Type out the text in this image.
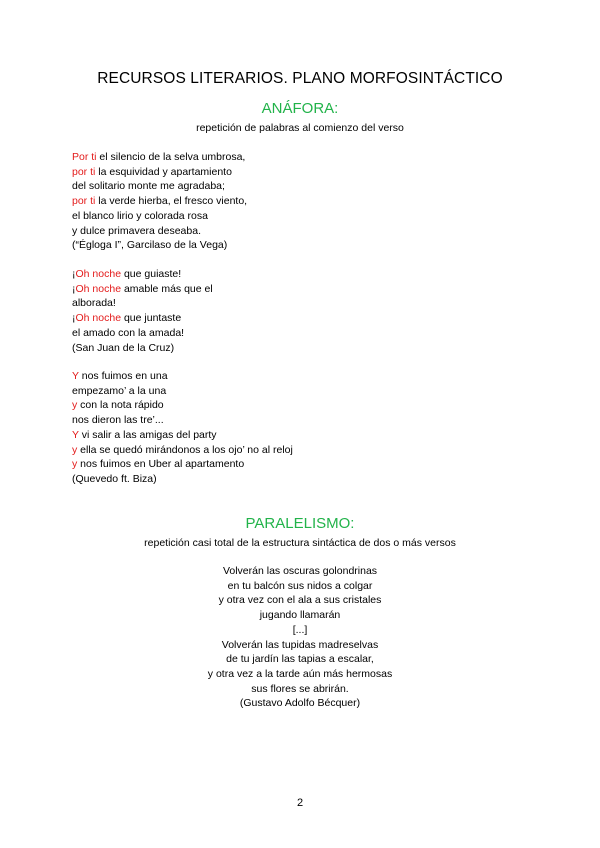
RECURSOS LITERARIOS. PLANO MORFOSINTÁCTICO
ANÁFORA:
repetición de palabras al comienzo del verso
Por ti el silencio de la selva umbrosa,
por ti la esquividad y apartamiento
del solitario monte me agradaba;
por ti la verde hierba, el fresco viento,
el blanco lirio y colorada rosa
y dulce primavera deseaba.
(“Égloga I”, Garcilaso de la Vega)
¡Oh noche que guiaste!
¡Oh noche amable más que el
alborada!
¡Oh noche que juntaste
el amado con la amada!
(San Juan de la Cruz)
Y nos fuimos en una
empezamo’ a la una
y con la nota rápido
nos dieron las tre’...
Y vi salir a las amigas del party
y ella se quedó mirándonos a los ojo’ no al reloj
y nos fuimos en Uber al apartamento
(Quevedo ft. Biza)
PARALELISMO:
repetición casi total de la estructura sintáctica de dos o más versos
Volverán las oscuras golondrinas
en tu balcón sus nidos a colgar
y otra vez con el ala a sus cristales
jugando llamarán
[...]
Volverán las tupidas madreselvas
de tu jardín las tapias a escalar,
y otra vez a la tarde aún más hermosas
sus flores se abrirán.
(Gustavo Adolfo Bécquer)
2
